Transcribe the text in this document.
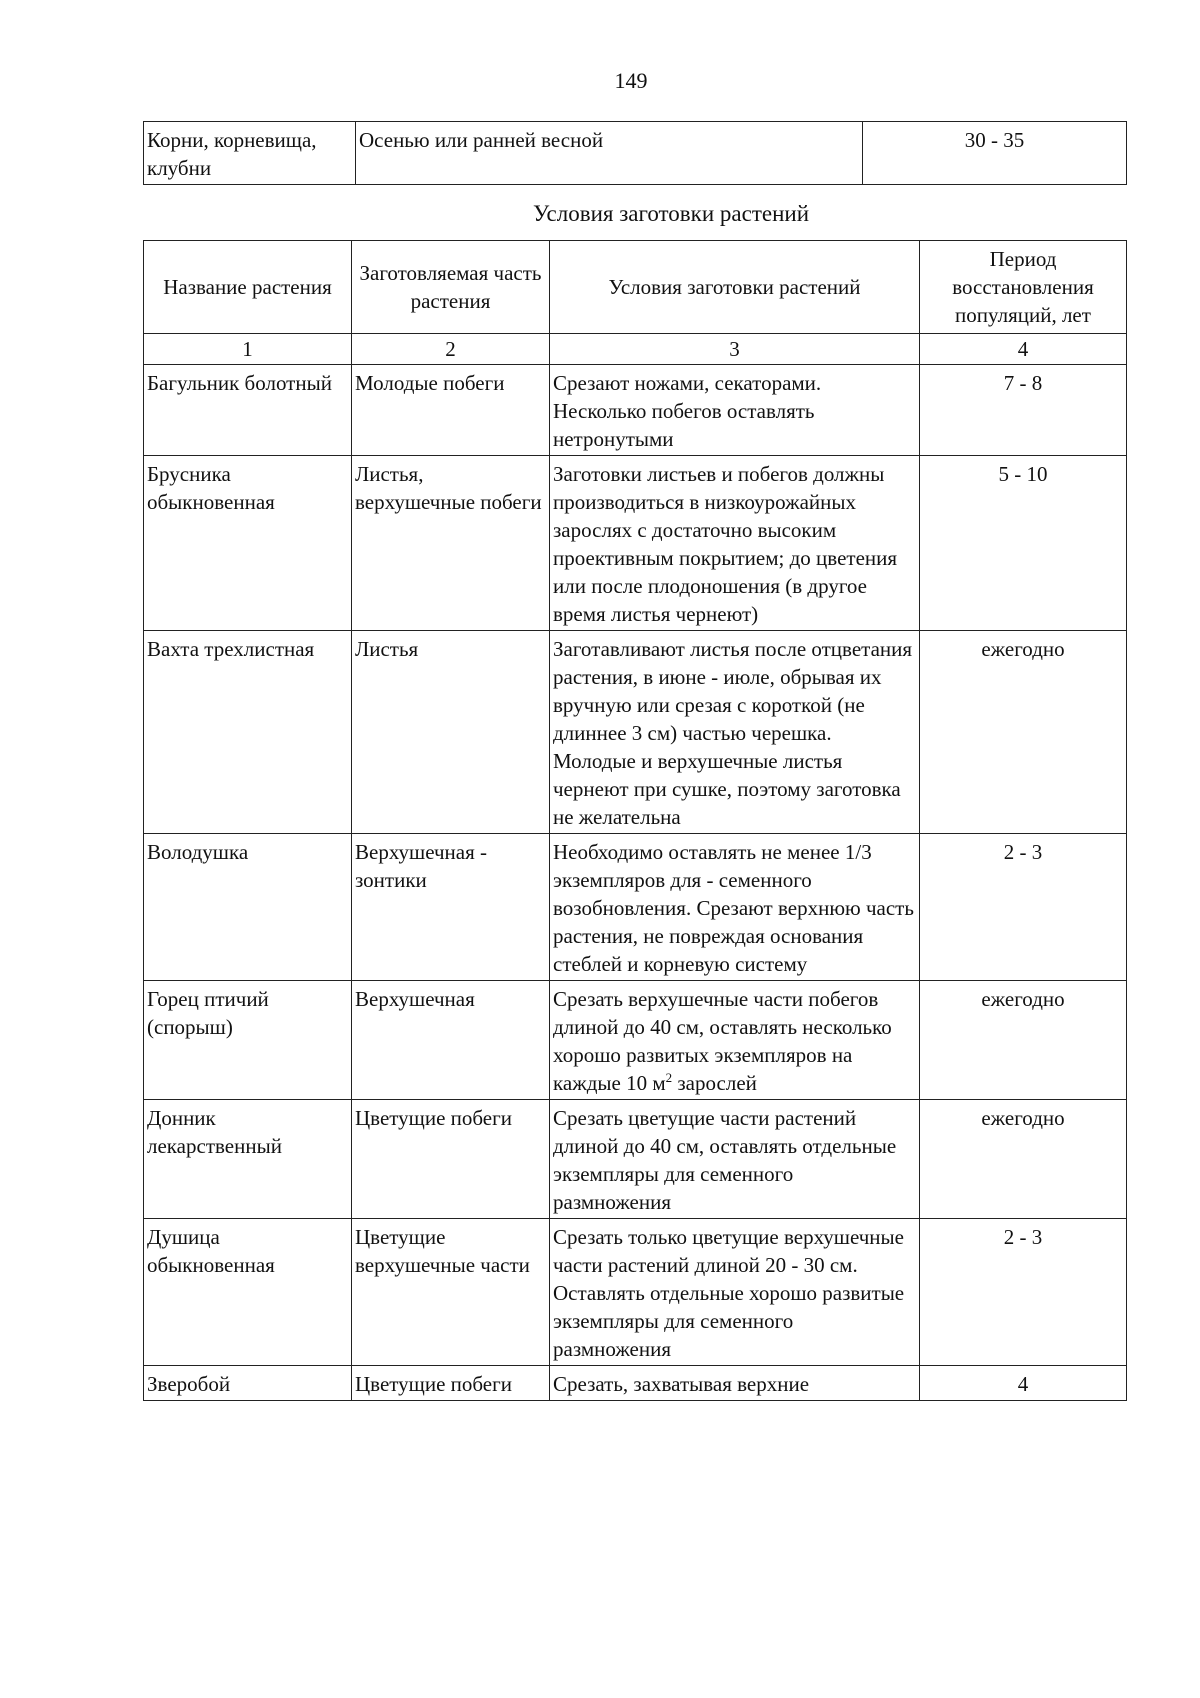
149
Корни, корневища, клубни	Осенью или ранней весной	30 - 35
Условия заготовки растений
Название растения	Заготовляемая часть растения	Условия заготовки растений	Период восстановления популяций, лет
1	2	3	4
Багульник болотный	Молодые побеги	Срезают ножами, секаторами. Несколько побегов оставлять нетронутыми	7 - 8
Брусника обыкновенная	Листья, верхушечные побеги	Заготовки листьев и побегов должны производиться в низкоурожайных зарослях с достаточно высоким проективным покрытием; до цветения или после плодоношения (в другое время листья чернеют)	5 - 10
Вахта трехлистная	Листья	Заготавливают листья после отцветания растения, в июне - июле, обрывая их вручную или срезая с короткой (не длиннее 3 см) частью черешка. Молодые и верхушечные листья чернеют при сушке, поэтому заготовка не желательна	ежегодно
Володушка	Верхушечная - зонтики	Необходимо оставлять не менее 1/3 экземпляров для - семенного возобновления. Срезают верхнюю часть растения, не повреждая основания стеблей и корневую систему	2 - 3
Горец птичий (спорыш)	Верхушечная	Срезать верхушечные части побегов длиной до 40 см, оставлять несколько хорошо развитых экземпляров на каждые 10 $м^2$ зарослей	ежегодно
Донник лекарственный	Цветущие побеги	Срезать цветущие части растений длиной до 40 см, оставлять отдельные экземпляры для семенного размножения	ежегодно
Душица обыкновенная	Цветущие верхушечные части	Срезать только цветущие верхушечные части растений длиной 20 - 30 см. Оставлять отдельные хорошо развитые экземпляры для семенного размножения	2 - 3
Зверобой	Цветущие побеги	Срезать, захватывая верхние	4
